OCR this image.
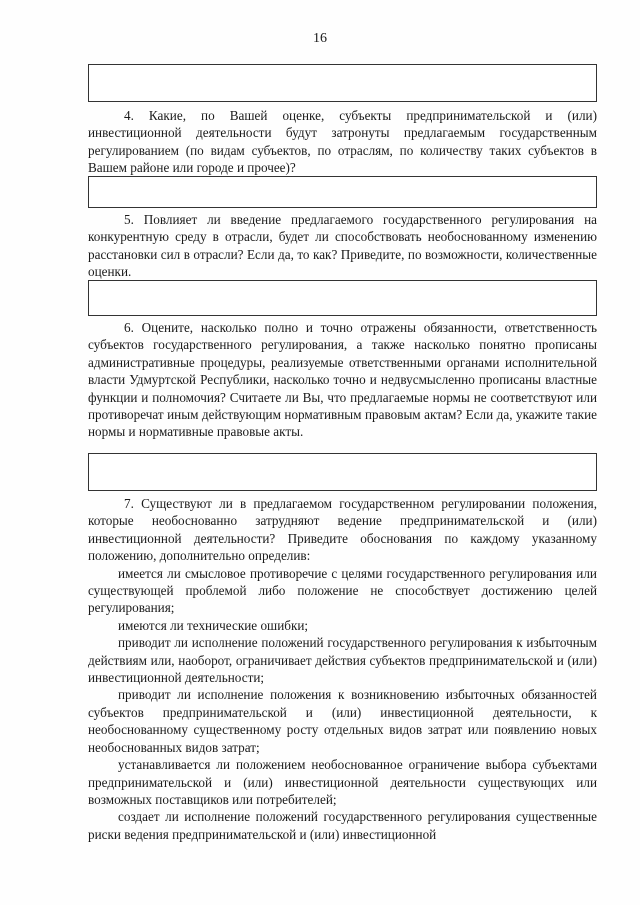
16

4. Какие, по Вашей оценке, субъекты предпринимательской и (или) инвестиционной деятельности будут затронуты предлагаемым государственным регулированием (по видам субъектов, по отраслям, по количеству таких субъектов в Вашем районе или городе и прочее)?

5. Повлияет ли введение предлагаемого государственного регулирования на конкурентную среду в отрасли, будет ли способствовать необоснованному изменению расстановки сил в отрасли? Если да, то как? Приведите, по возможности, количественные оценки.

6. Оцените, насколько полно и точно отражены обязанности, ответственность субъектов государственного регулирования, а также насколько понятно прописаны административные процедуры, реализуемые ответственными органами исполнительной власти Удмуртской Республики, насколько точно и недвусмысленно прописаны властные функции и полномочия? Считаете ли Вы, что предлагаемые нормы не соответствуют или противоречат иным действующим нормативным правовым актам? Если да, укажите такие нормы и нормативные правовые акты.

7. Существуют ли в предлагаемом государственном регулировании положения, которые необоснованно затрудняют ведение предпринимательской и (или) инвестиционной деятельности? Приведите обоснования по каждому указанному положению, дополнительно определив:

имеется ли смысловое противоречие с целями государственного регулирования или существующей проблемой либо положение не способствует достижению целей регулирования;

имеются ли технические ошибки;

приводит ли исполнение положений государственного регулирования к избыточным действиям или, наоборот, ограничивает действия субъектов предпринимательской и (или) инвестиционной деятельности;

приводит ли исполнение положения к возникновению избыточных обязанностей субъектов предпринимательской и (или) инвестиционной деятельности, к необоснованному существенному росту отдельных видов затрат или появлению новых необоснованных видов затрат;

устанавливается ли положением необоснованное ограничение выбора субъектами предпринимательской и (или) инвестиционной деятельности существующих или возможных поставщиков или потребителей;

создает ли исполнение положений государственного регулирования существенные риски ведения предпринимательской и (или) инвестиционной
